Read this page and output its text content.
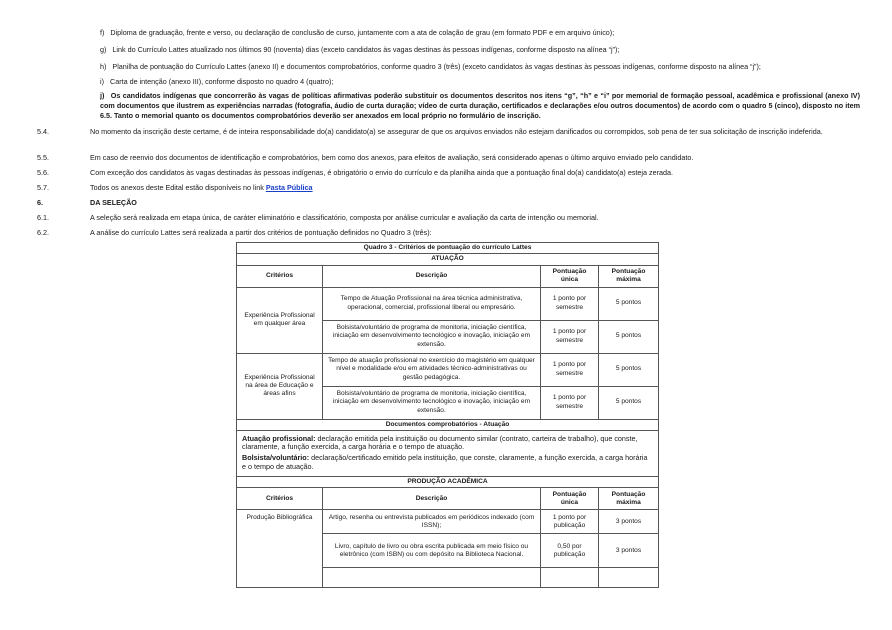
f) Diploma de graduação, frente e verso, ou declaração de conclusão de curso, juntamente com a ata de colação de grau (em formato PDF e em arquivo único);
g) Link do Currículo Lattes atualizado nos últimos 90 (noventa) dias (exceto candidatos às vagas destinas às pessoas indígenas, conforme disposto na alínea “j”);
h) Planilha de pontuação do Currículo Lattes (anexo II) e documentos comprobatórios, conforme quadro 3 (três) (exceto candidatos às vagas destinas às pessoas indígenas, conforme disposto na alínea “j”);
i) Carta de intenção (anexo III), conforme disposto no quadro 4 (quatro);
j) Os candidatos indígenas que concorrerão às vagas de políticas afirmativas poderão substituir os documentos descritos nos itens “g”, “h” e “i” por memorial de formação pessoal, acadêmica e profissional (anexo IV) com documentos que ilustrem as experiências narradas (fotografia, áudio de curta duração; vídeo de curta duração, certificados e declarações e/ou outros documentos) de acordo com o quadro 5 (cinco), disposto no item 6.5. Tanto o memorial quanto os documentos comprobatórios deverão ser anexados em local próprio no formulário de inscrição.
5.4.	No momento da inscrição deste certame, é de inteira responsabilidade do(a) candidato(a) se assegurar de que os arquivos enviados não estejam danificados ou corrompidos, sob pena de ter sua solicitação de inscrição indeferida.
5.5.	Em caso de reenvio dos documentos de identificação e comprobatórios, bem como dos anexos, para efeitos de avaliação, será considerado apenas o último arquivo enviado pelo candidato.
5.6.	Com exceção dos candidatos às vagas destinadas às pessoas indígenas, é obrigatório o envio do currículo e da planilha ainda que a pontuação final do(a) candidato(a) esteja zerada.
5.7.	Todos os anexos deste Edital estão disponíveis no link Pasta Pública
6.	DA SELEÇÃO
6.1.	A seleção será realizada em etapa única, de caráter eliminatório e classificatório, composta por análise curricular e avaliação da carta de intenção ou memorial.
6.2.	A análise do currículo Lattes será realizada a partir dos critérios de pontuação definidos no Quadro 3 (três):
Quadro 3 - Critérios de pontuação do currículo Lattes			
ATUAÇÃO			
Critérios	Descrição	Pontuação única	Pontuação máxima
Experiência Profissional em qualquer área	Tempo de Atuação Profissional na área técnica administrativa, operacional, comercial, profissional liberal ou empresário.	1 ponto por semestre	5 pontos
	Bolsista/voluntário de programa de monitoria, iniciação científica, iniciação em desenvolvimento tecnológico e inovação, iniciação em extensão.	1 ponto por semestre	5 pontos
Experiência Profissional na área de Educação e áreas afins	Tempo de atuação profissional no exercício do magistério em qualquer nível e modalidade e/ou em atividades técnico-administrativas ou gestão pedagógica.	1 ponto por semestre	5 pontos
	Bolsista/voluntário de programa de monitoria, iniciação científica, iniciação em desenvolvimento tecnológico e inovação, iniciação em extensão.	1 ponto por semestre	5 pontos
Documentos comprobatórios - Atuação			

Atuação profissional: declaração emitida pela instituição ou documento similar (contrato, carteira de trabalho), que conste, claramente, a função exercida, a carga horária e o tempo de atuação.

Bolsista/voluntário: declaração/certificado emitido pela instituição, que conste, claramente, a função exercida, a carga horária e o tempo de atuação.			

PRODUÇÃO ACADÊMICA			
Critérios	Descrição	Pontuação única	Pontuação máxima
Produção Bibliográfica	Artigo, resenha ou entrevista publicados em periódicos indexado (com ISSN);	1 ponto por publicação	3 pontos
	Livro, capítulo de livro ou obra escrita publicada em meio físico ou eletrônico (com ISBN) ou com depósito na Biblioteca Nacional.	0,50 por publicação	3 pontos
